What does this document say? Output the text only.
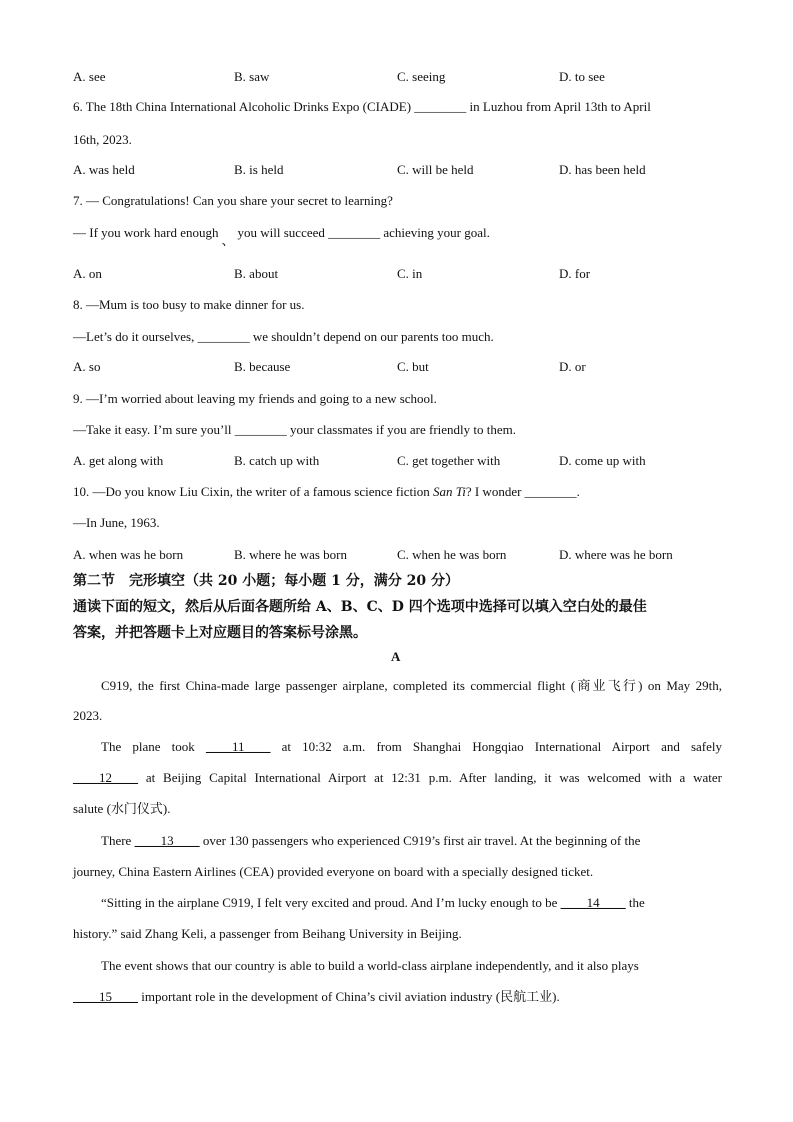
A. see	B. saw	C. seeing	D. to see
6. The 18th China International Alcoholic Drinks Expo (CIADE) ________ in Luzhou from April 13th to April
16th, 2023.
A. was held	B. is held	C. will be held	D. has been held
7. — Congratulations! Can you share your secret to learning?
— If you work hard enough、you will succeed ________ achieving your goal.
A. on	B. about	C. in	D. for
8. —Mum is too busy to make dinner for us.
—Let’s do it ourselves, ________ we shouldn’t depend on our parents too much.
A. so	B. because	C. but	D. or
9. —I’m worried about leaving my friends and going to a new school.
—Take it easy. I’m sure you’ll ________ your classmates if you are friendly to them.
A. get along with	B. catch up with	C. get together with	D. come up with
10. —Do you know Liu Cixin, the writer of a famous science fiction San Ti? I wonder ________.
—In June, 1963.
A. when was he born	B. where he was born	C. when he was born	D. where was he born
第二节　完形填空（共 20 小题；每小题 1 分，满分 20 分）
通读下面的短文，然后从后面各题所给 A、B、C、D 四个选项中选择可以填入空白处的最佳
答案，并把答题卡上对应题目的答案标号涂黑。
A
C919, the first China-made large passenger airplane, completed its commercial flight (商业飞行) on May 29th,
2023.
The plane took ____11____ at 10:32 a.m. from Shanghai Hongqiao International Airport and safely
____12____ at Beijing Capital International Airport at 12:31 p.m. After landing, it was welcomed with a water
salute (水门仪式).
There ____13____ over 130 passengers who experienced C919’s first air travel. At the beginning of the
journey, China Eastern Airlines (CEA) provided everyone on board with a specially designed ticket.
“Sitting in the airplane C919, I felt very excited and proud. And I’m lucky enough to be ____14____ the
history.” said Zhang Keli, a passenger from Beihang University in Beijing.
The event shows that our country is able to build a world-class airplane independently, and it also plays
____15____ important role in the development of China’s civil aviation industry (民航工业).
